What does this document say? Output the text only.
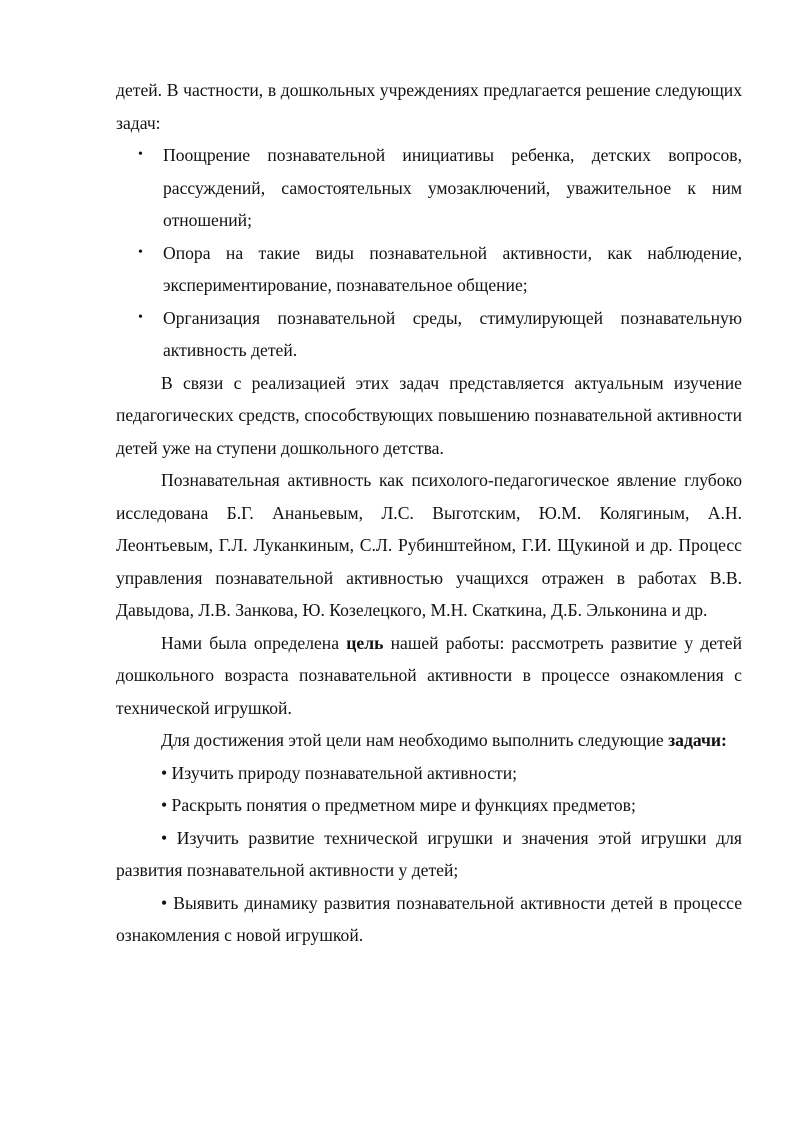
детей. В частности, в дошкольных учреждениях предлагается решение следующих задач:

• Поощрение познавательной инициативы ребенка, детских вопросов, рассуждений, самостоятельных умозаключений, уважительное к ним отношений;
• Опора на такие виды познавательной активности, как наблюдение, экспериментирование, познавательное общение;
• Организация познавательной среды, стимулирующей познавательную активность детей.

В связи с реализацией этих задач представляется актуальным изучение педагогических средств, способствующих повышению познавательной активности детей уже на ступени дошкольного детства.

Познавательная активность как психолого-педагогическое явление глубоко исследована Б.Г. Ананьевым, Л.С. Выготским, Ю.М. Колягиным, А.Н. Леонтьевым, Г.Л. Луканкиным, С.Л. Рубинштейном, Г.И. Щукиной и др. Процесс управления познавательной активностью учащихся отражен в работах В.В. Давыдова, Л.В. Занкова, Ю. Козелецкого, М.Н. Скаткина, Д.Б. Эльконина и др.

Нами была определена цель нашей работы: рассмотреть развитие у детей дошкольного возраста познавательной активности в процессе ознакомления с технической игрушкой.

Для достижения этой цели нам необходимо выполнить следующие задачи:

• Изучить природу познавательной активности;

• Раскрыть понятия о предметном мире и функциях предметов;

• Изучить развитие технической игрушки и значения этой игрушки для развития познавательной активности у детей;

• Выявить динамику развития познавательной активности детей в процессе ознакомления с новой игрушкой.
